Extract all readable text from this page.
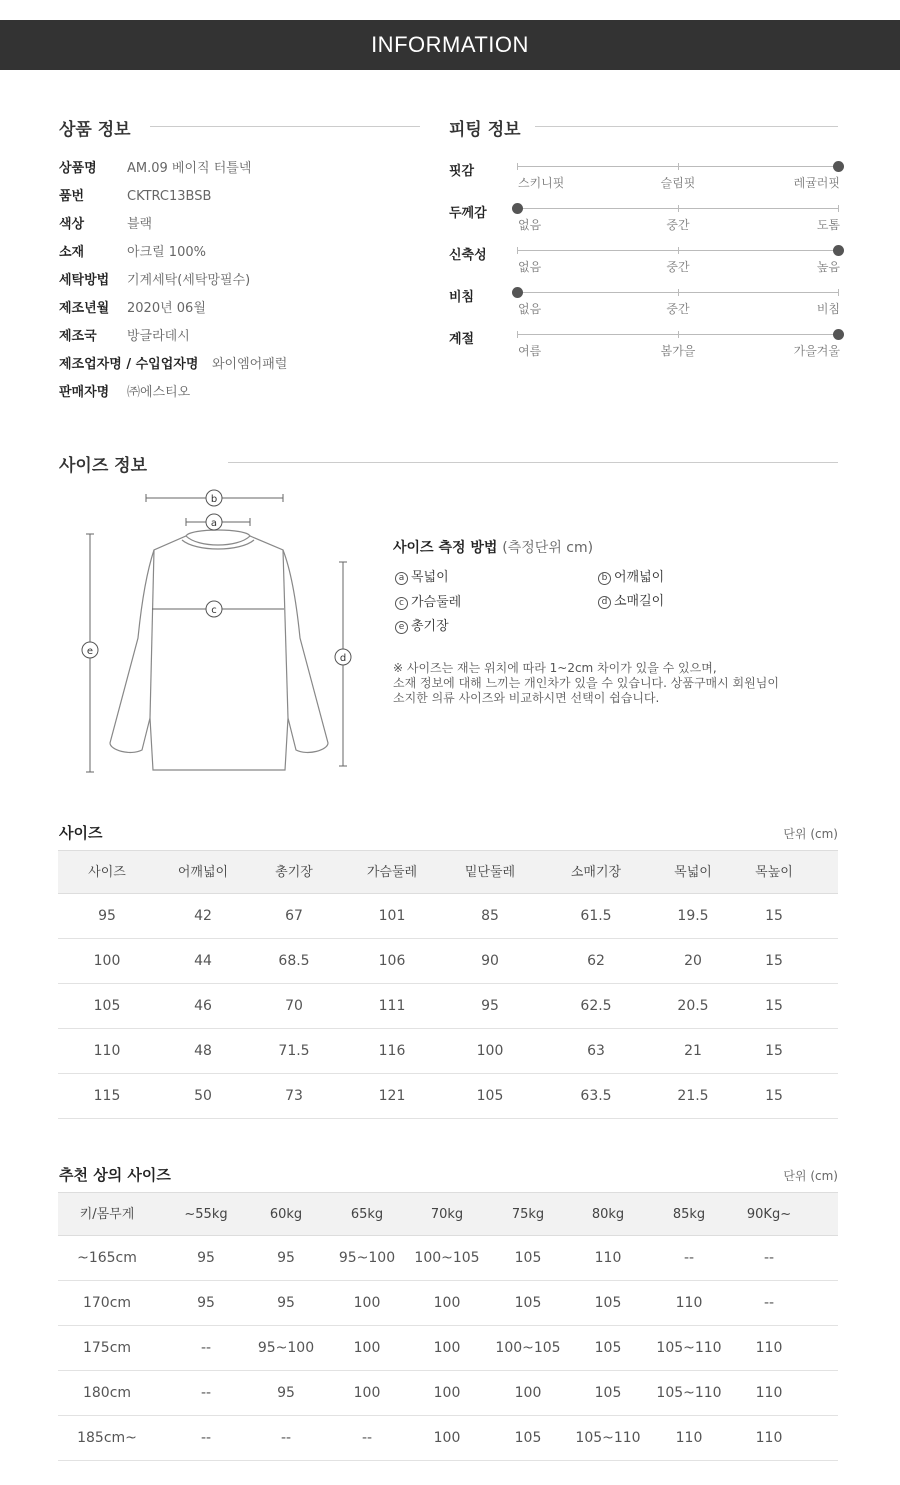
INFORMATION
상품 정보
상품명 AM.09 베이직 터틀넥
품번	CKTRC13BSB
색상	블랙
소재	아크릴 100%
세탁방법 기계세탁(세탁망필수)
제조년월 2020년 06월
제조국 방글라데시
제조업자명 / 수입업자명 와이엠어패럴
판매자명 ㈜에스티오
피팅 정보
핏감
스키니핏	슬림핏	레귤러핏
두께감
없음	중간	도톰
신축성
없음	중간	높음
비침
없음	중간	비침
계절
여름	봄가을	가을겨울
사이즈 정보
b
a
c
e
d
사이즈 측정 방법 (측정단위 cm)
a 목넓이	b 어깨넓이
c 가슴둘레	d 소매길이
e 총기장
※ 사이즈는 재는 위치에 따라 1~2cm 차이가 있을 수 있으며,
소재 정보에 대해 느끼는 개인차가 있을 수 있습니다. 상품구매시 회원님이
소지한 의류 사이즈와 비교하시면 선택이 쉽습니다.
사이즈	단위 (cm)
사이즈	어깨넓이	총기장	가슴둘레	밑단둘레	소매기장	목넓이	목높이
95	42	67	101	85	61.5	19.5	15
100	44	68.5	106	90	62	20	15
105	46	70	111	95	62.5	20.5	15
110	48	71.5	116	100	63	21	15
115	50	73	121	105	63.5	21.5	15
추천 상의 사이즈	단위 (cm)
키/몸무게	~55kg	60kg	65kg	70kg	75kg	80kg	85kg	90Kg~
~165cm	95	95	95~100	100~105	105	110	--	--
170cm	95	95	100	100	105	105	110	--
175cm	--	95~100	100	100	100~105	105	105~110	110
180cm	--	95	100	100	100	105	105~110	110
185cm~	--	--	--	100	105	105~110	110	110
